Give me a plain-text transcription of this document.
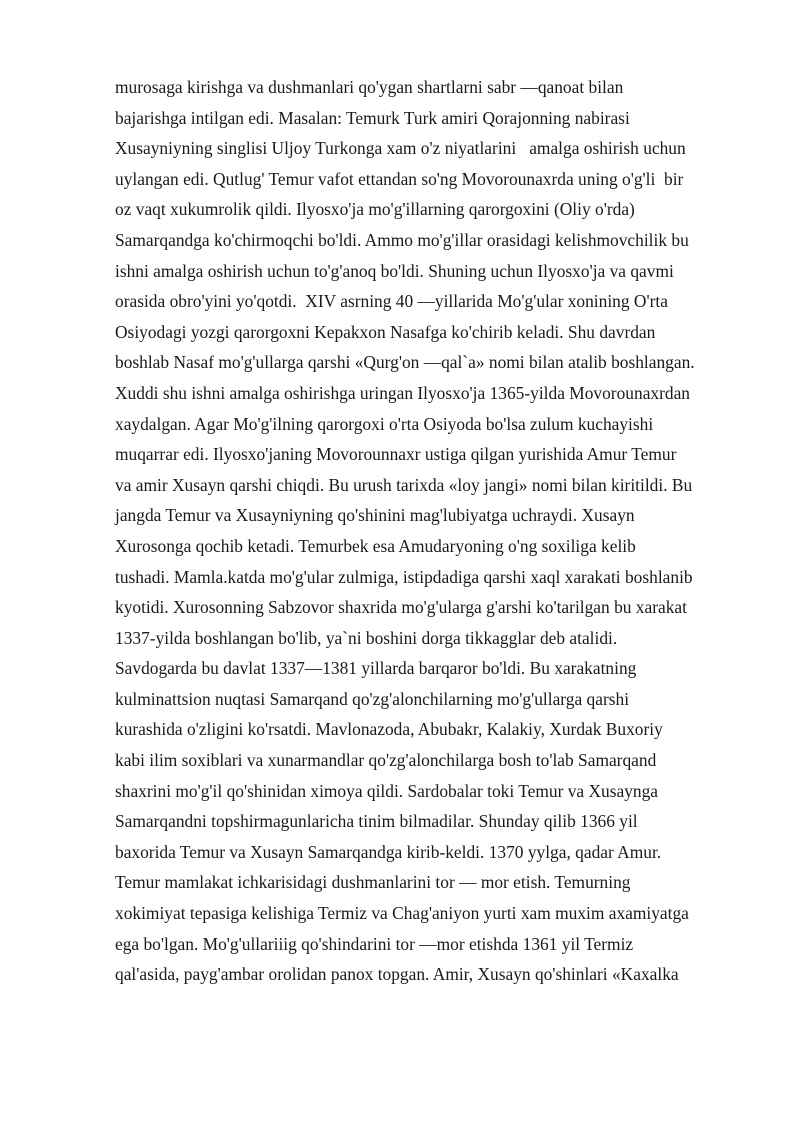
murosaga kirishga va dushmanlari qo'ygan shartlarni sabr —qanoat bilan
bajarishga intilgan edi. Masalan: Temurk Turk amiri Qorajonning nabirasi
Xusayniyning singlisi Uljoy Turkonga xam o'z niyatlarini   amalga oshirish uchun
uylangan edi. Qutlug' Temur vafot ettandan so'ng Movorounaxrda uning o'g'li  bir
oz vaqt xukumrolik qildi. Ilyosxo'ja mo'g'illarning qarorgoxini (Oliy o'rda)
Samarqandga ko'chirmoqchi bo'ldi. Ammo mo'g'illar orasidagi kelishmovchilik bu
ishni amalga oshirish uchun to'g'anoq bo'ldi. Shuning uchun Ilyosxo'ja va qavmi
orasida obro'yini yo'qotdi.  XIV asrning 40 —yillarida Mo'g'ular xonining O'rta
Osiyodagi yozgi qarorgoxni Kepakxon Nasafga ko'chirib keladi. Shu davrdan
boshlab Nasaf mo'g'ullarga qarshi «Qurg'on —qal`a» nomi bilan atalib boshlangan.
Xuddi shu ishni amalga oshirishga uringan Ilyosxo'ja 1365-yilda Movorounaxrdan
xaydalgan. Agar Mo'g'ilning qarorgoxi o'rta Osiyoda bo'lsa zulum kuchayishi
muqarrar edi. Ilyosxo'janing Movorounnaxr ustiga qilgan yurishida Amur Temur
va amir Xusayn qarshi chiqdi. Bu urush tarixda «loy jangi» nomi bilan kiritildi. Bu
jangda Temur va Xusayniyning qo'shinini mag'lubiyatga uchraydi. Xusayn
Xurosonga qochib ketadi. Temurbek esa Amudaryoning o'ng soxiliga kelib
tushadi. Mamla.katda mo'g'ular zulmiga, istipdadiga qarshi xaql xarakati boshlanib
kyotidi. Xurosonning Sabzovor shaxrida mo'g'ularga g'arshi ko'tarilgan bu xarakat
1337-yilda boshlangan bo'lib, ya`ni boshini dorga tikkagglar deb atalidi.
Savdogarda bu davlat 1337—1381 yillarda barqaror bo'ldi. Bu xarakatning
kulminattsion nuqtasi Samarqand qo'zg'alonchilarning mo'g'ullarga qarshi
kurashida o'zligini ko'rsatdi. Mavlonazoda, Abubakr, Kalakiy, Xurdak Buxoriy
kabi ilim soxiblari va xunarmandlar qo'zg'alonchilarga bosh to'lab Samarqand
shaxrini mo'g'il qo'shinidan ximoya qildi. Sardobalar toki Temur va Xusaynga
Samarqandni topshirmagunlaricha tinim bilmadilar. Shunday qilib 1366 yil
baxorida Temur va Xusayn Samarqandga kirib-keldi. 1370 yylga, qadar Amur.
Temur mamlakat ichkarisidagi dushmanlarini tor — mor etish. Temurning
xokimiyat tepasiga kelishiga Termiz va Chag'aniyon yurti xam muxim axamiyatga
ega bo'lgan. Mo'g'ullariiig qo'shindarini tor —mor etishda 1361 yil Termiz
qal'asida, payg'ambar orolidan panox topgan. Amir, Xusayn qo'shinlari «Kaxalka
